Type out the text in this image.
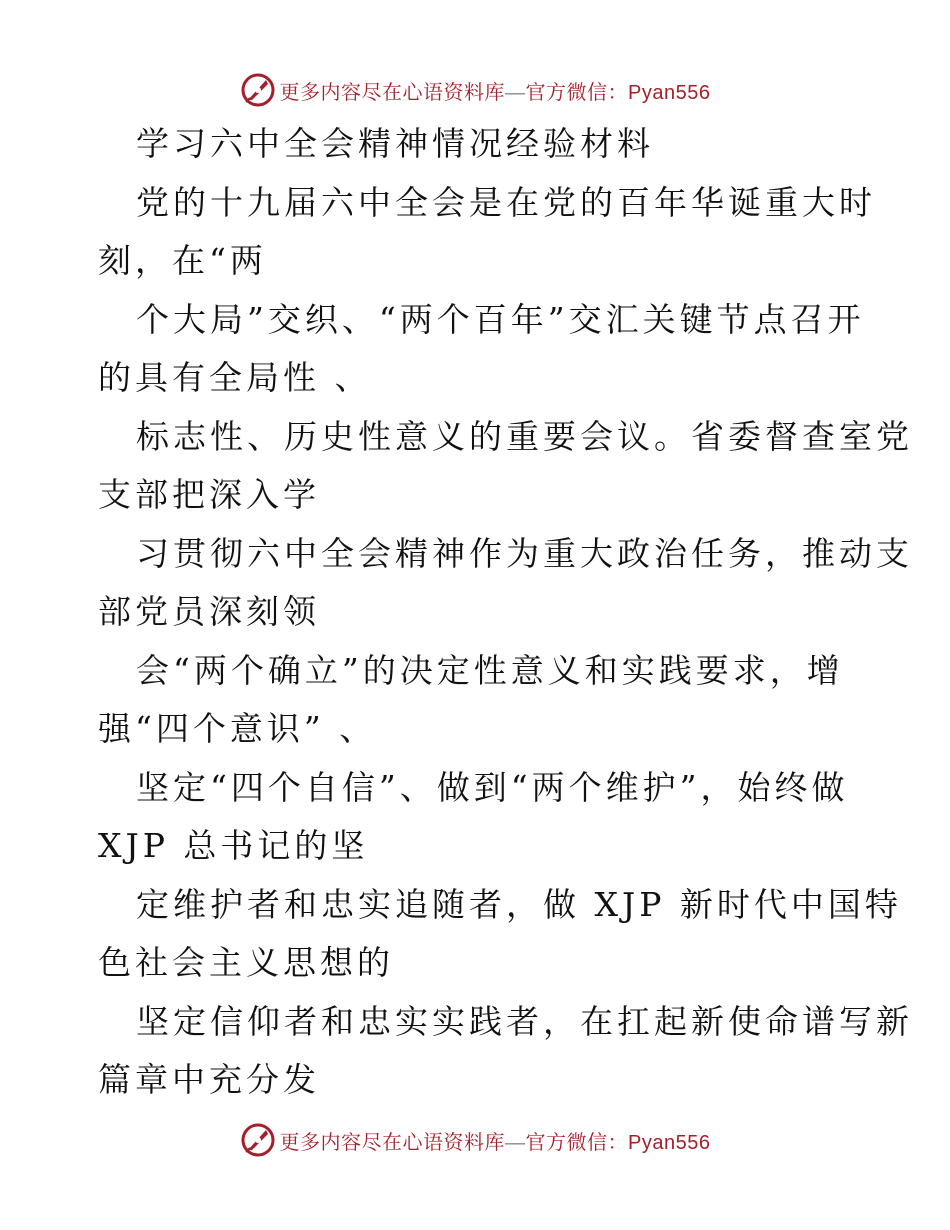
更多内容尽在心语资料库—官方微信：Pyan556
学习六中全会精神情况经验材料
党的十九届六中全会是在党的百年华诞重大时
刻，在“两
个大局”交织、“两个百年”交汇关键节点召开
的具有全局性 、
标志性、历史性意义的重要会议。省委督查室党
支部把深入学
习贯彻六中全会精神作为重大政治任务，推动支
部党员深刻领
会“两个确立”的决定性意义和实践要求，增
强“四个意识” 、
坚定“四个自信”、做到“两个维护”，始终做
XJP 总书记的坚
定维护者和忠实追随者，做 XJP 新时代中国特
色社会主义思想的
坚定信仰者和忠实实践者，在扛起新使命谱写新
篇章中充分发
更多内容尽在心语资料库—官方微信：Pyan556
